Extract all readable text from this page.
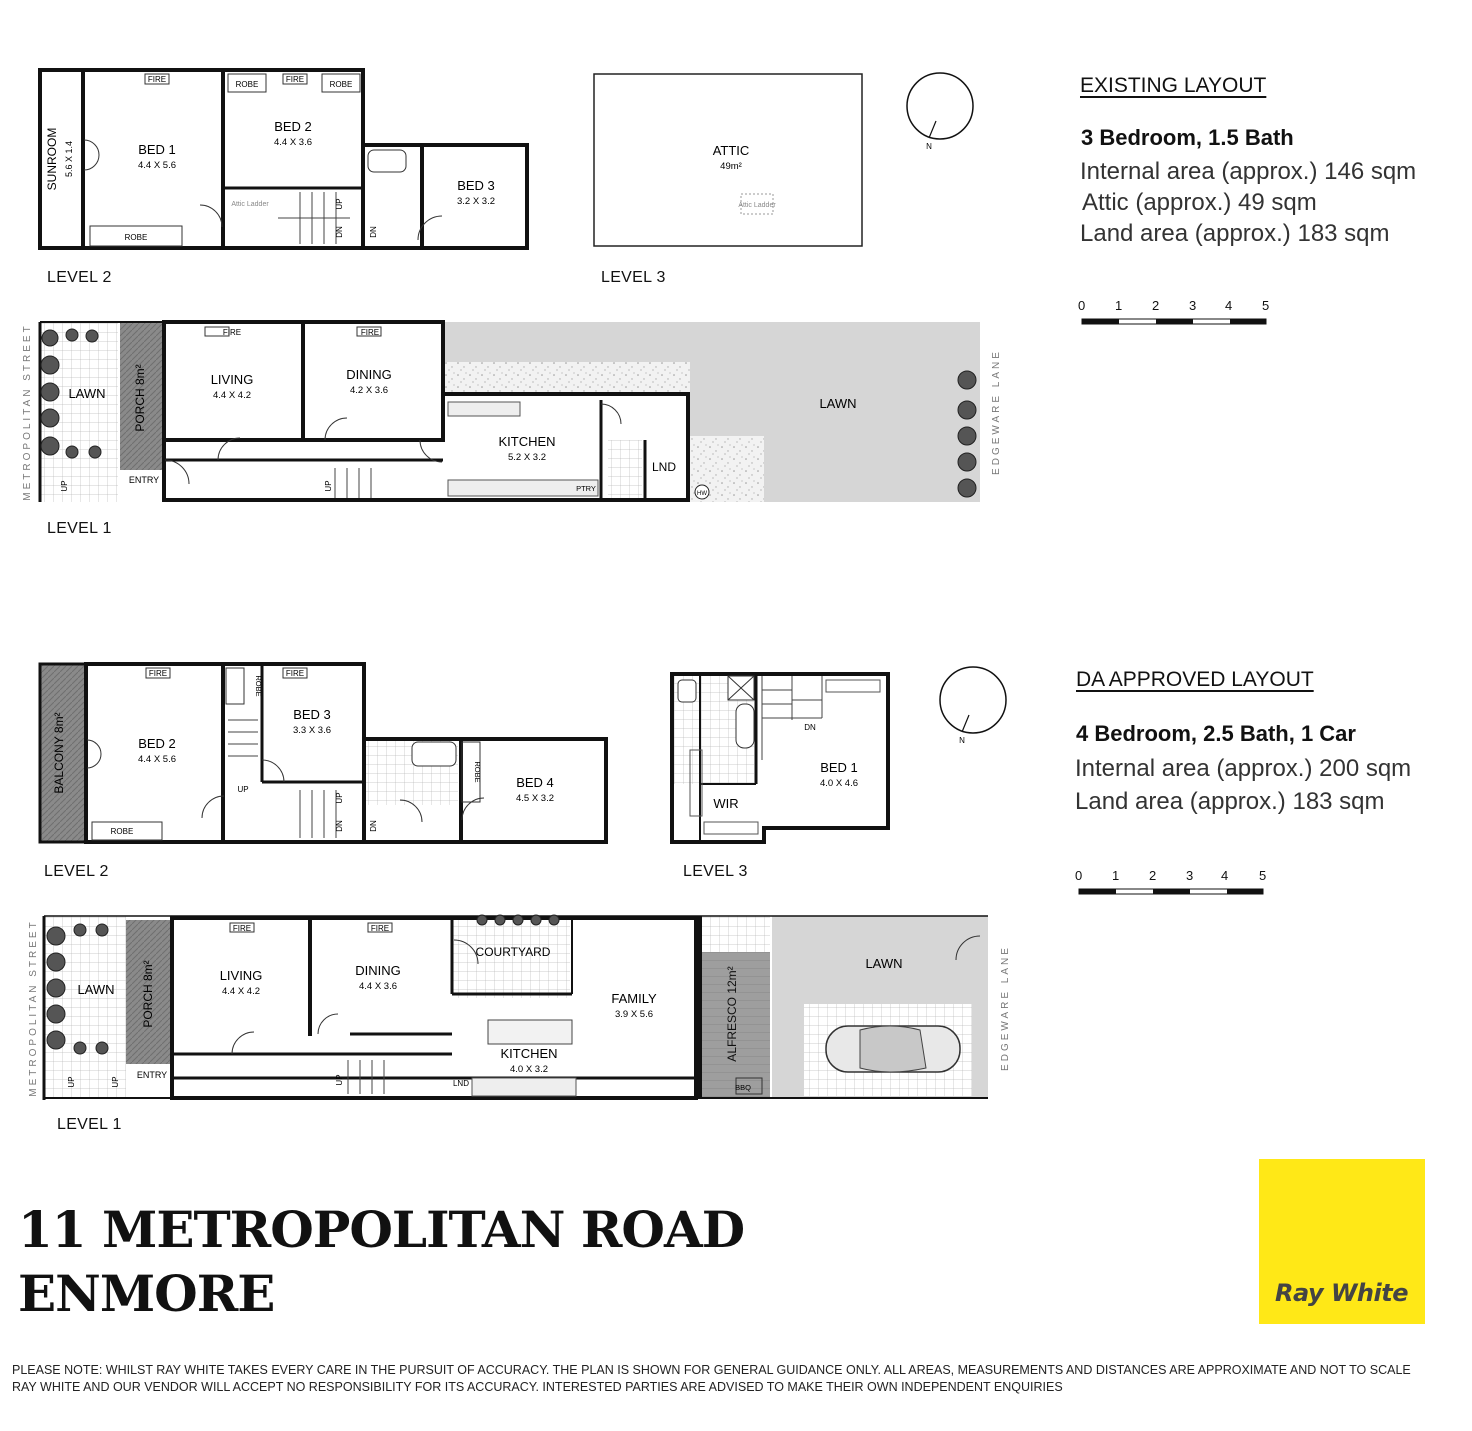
SUNROOM 5.6 X 1.4	BED 1
4.4 X 5.6
BED 2
4.4 X 3.6
BED 3
3.2 X 3.2
FIRE	FIRE
ROBE	ROBE
ROBE
Attic Ladder	UP
DN	DN
ATTIC
49m²
Attic Ladder
N
METROPOLITAN STREET	EDGEWARE LANE
LAWN PORCH 8m²
ENTRY
LIVING
4.4 X 4.2
DINING
4.2 X 3.6
KITCHEN
5.2 X 3.2
LND
PTRY
HW
LAWN
FIRE	FIRE
UP
UP
BALCONY 8m²	BED 2
4.4 X 5.6
BED 3
3.3 X 3.6
BED 4
4.5 X 3.2
FIRE	FIRE
ROBE
ROBE
ROBE
UP
UP
DN	DN
BED 1
4.0 X 4.6
WIR
DN
N
METROPOLITAN STREET	EDGEWARE LANE
LAWN PORCH 8m²
ENTRY
LIVING
4.4 X 4.2
DINING
4.4 X 3.6
COURTYARD
FAMILY
3.9 X 5.6
KITCHEN
4.0 X 3.2
LND
ALFRESCO 12m²
BBQ
LAWN
FIRE	FIRE
UP
UP	UP
LEVEL 2	LEVEL 3
LEVEL 1
LEVEL 2	LEVEL 3
LEVEL 1
EXISTING LAYOUT
3 Bedroom, 1.5 Bath
Internal area (approx.) 146 sqm
Attic (approx.) 49 sqm
Land area (approx.) 183 sqm
0 1 2 3 4 5
DA APPROVED LAYOUT
4 Bedroom, 2.5 Bath, 1 Car
Internal area (approx.) 200 sqm
Land area (approx.) 183 sqm
0 1 2 3 4 5
11 METROPOLITAN ROAD
ENMORE	Ray White
PLEASE NOTE: WHILST RAY WHITE TAKES EVERY CARE IN THE PURSUIT OF ACCURACY. THE PLAN IS SHOWN FOR GENERAL GUIDANCE ONLY. ALL AREAS, MEASUREMENTS AND DISTANCES ARE APPROXIMATE AND NOT TO SCALE
RAY WHITE AND OUR VENDOR WILL ACCEPT NO RESPONSIBILITY FOR ITS ACCURACY. INTERESTED PARTIES ARE ADVISED TO MAKE THEIR OWN INDEPENDENT ENQUIRIES
